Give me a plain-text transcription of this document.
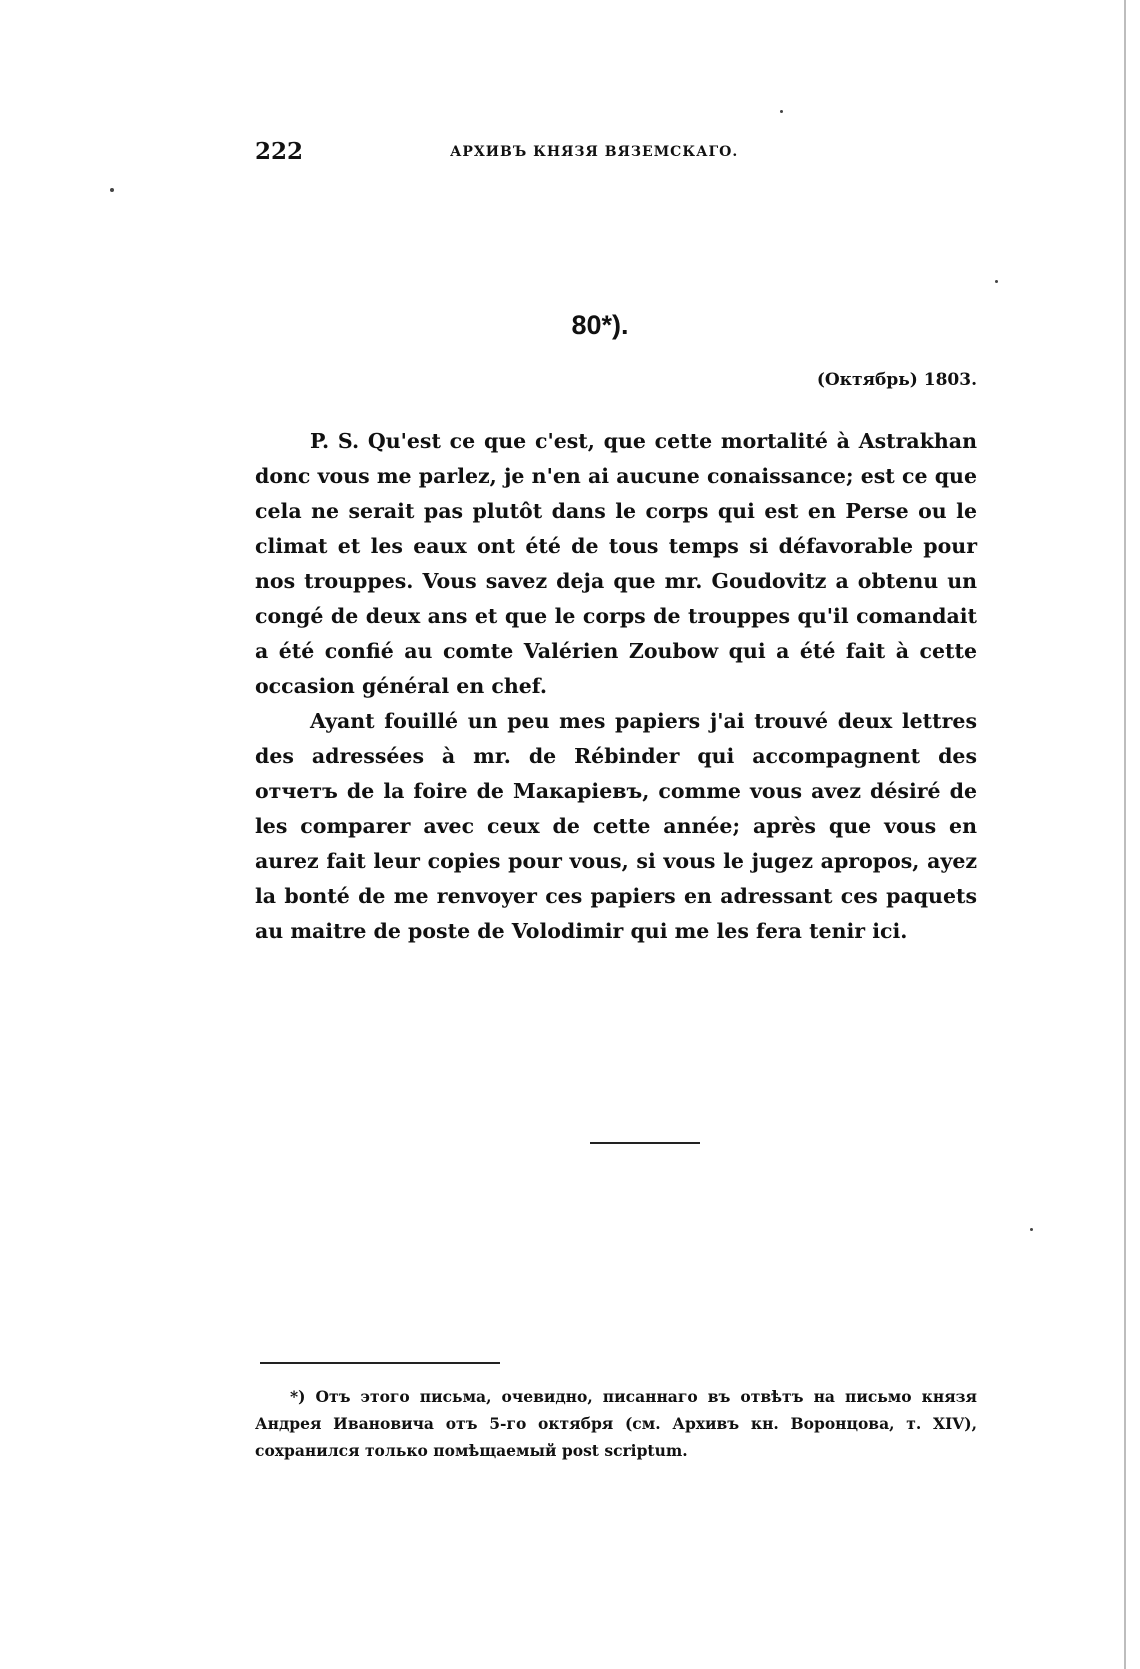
222	АРХИВЪ КНЯЗЯ ВЯЗЕМСКАГО.
80*).
(Октябрь) 1803.

P. S. Qu'est ce que c'est, que cette mortalité à Astrakhan donc vous me parlez, je n'en ai aucune conaissance; est ce que cela ne serait pas plutôt dans le corps qui est en Perse ou le climat et les eaux ont été de tous temps si défavorable pour nos trouppes. Vous savez deja que mr. Goudovitz a obtenu un congé de deux ans et que le corps de trouppes qu'il comandait a été confié au comte Valérien Zoubow qui a été fait à cette occasion général en chef.

Ayant fouillé un peu mes papiers j'ai trouvé deux lettres des adressées à mr. de Rébinder qui accompagnent des отчетъ de la foire de Макаріевъ, comme vous avez désiré de les comparer avec ceux de cette année; après que vous en aurez fait leur copies pour vous, si vous le jugez apropos, ayez la bonté de me renvoyer ces papiers en adressant ces paquets au maitre de poste de Volodimir qui me les fera tenir ici.

*) Отъ этого письма, очевидно, писаннаго въ отвѣтъ на письмо князя Андрея Ивановича отъ 5-го октября (см. Архивъ кн. Воронцова, т. XIV), сохранился только помѣщаемый post scriptum.
